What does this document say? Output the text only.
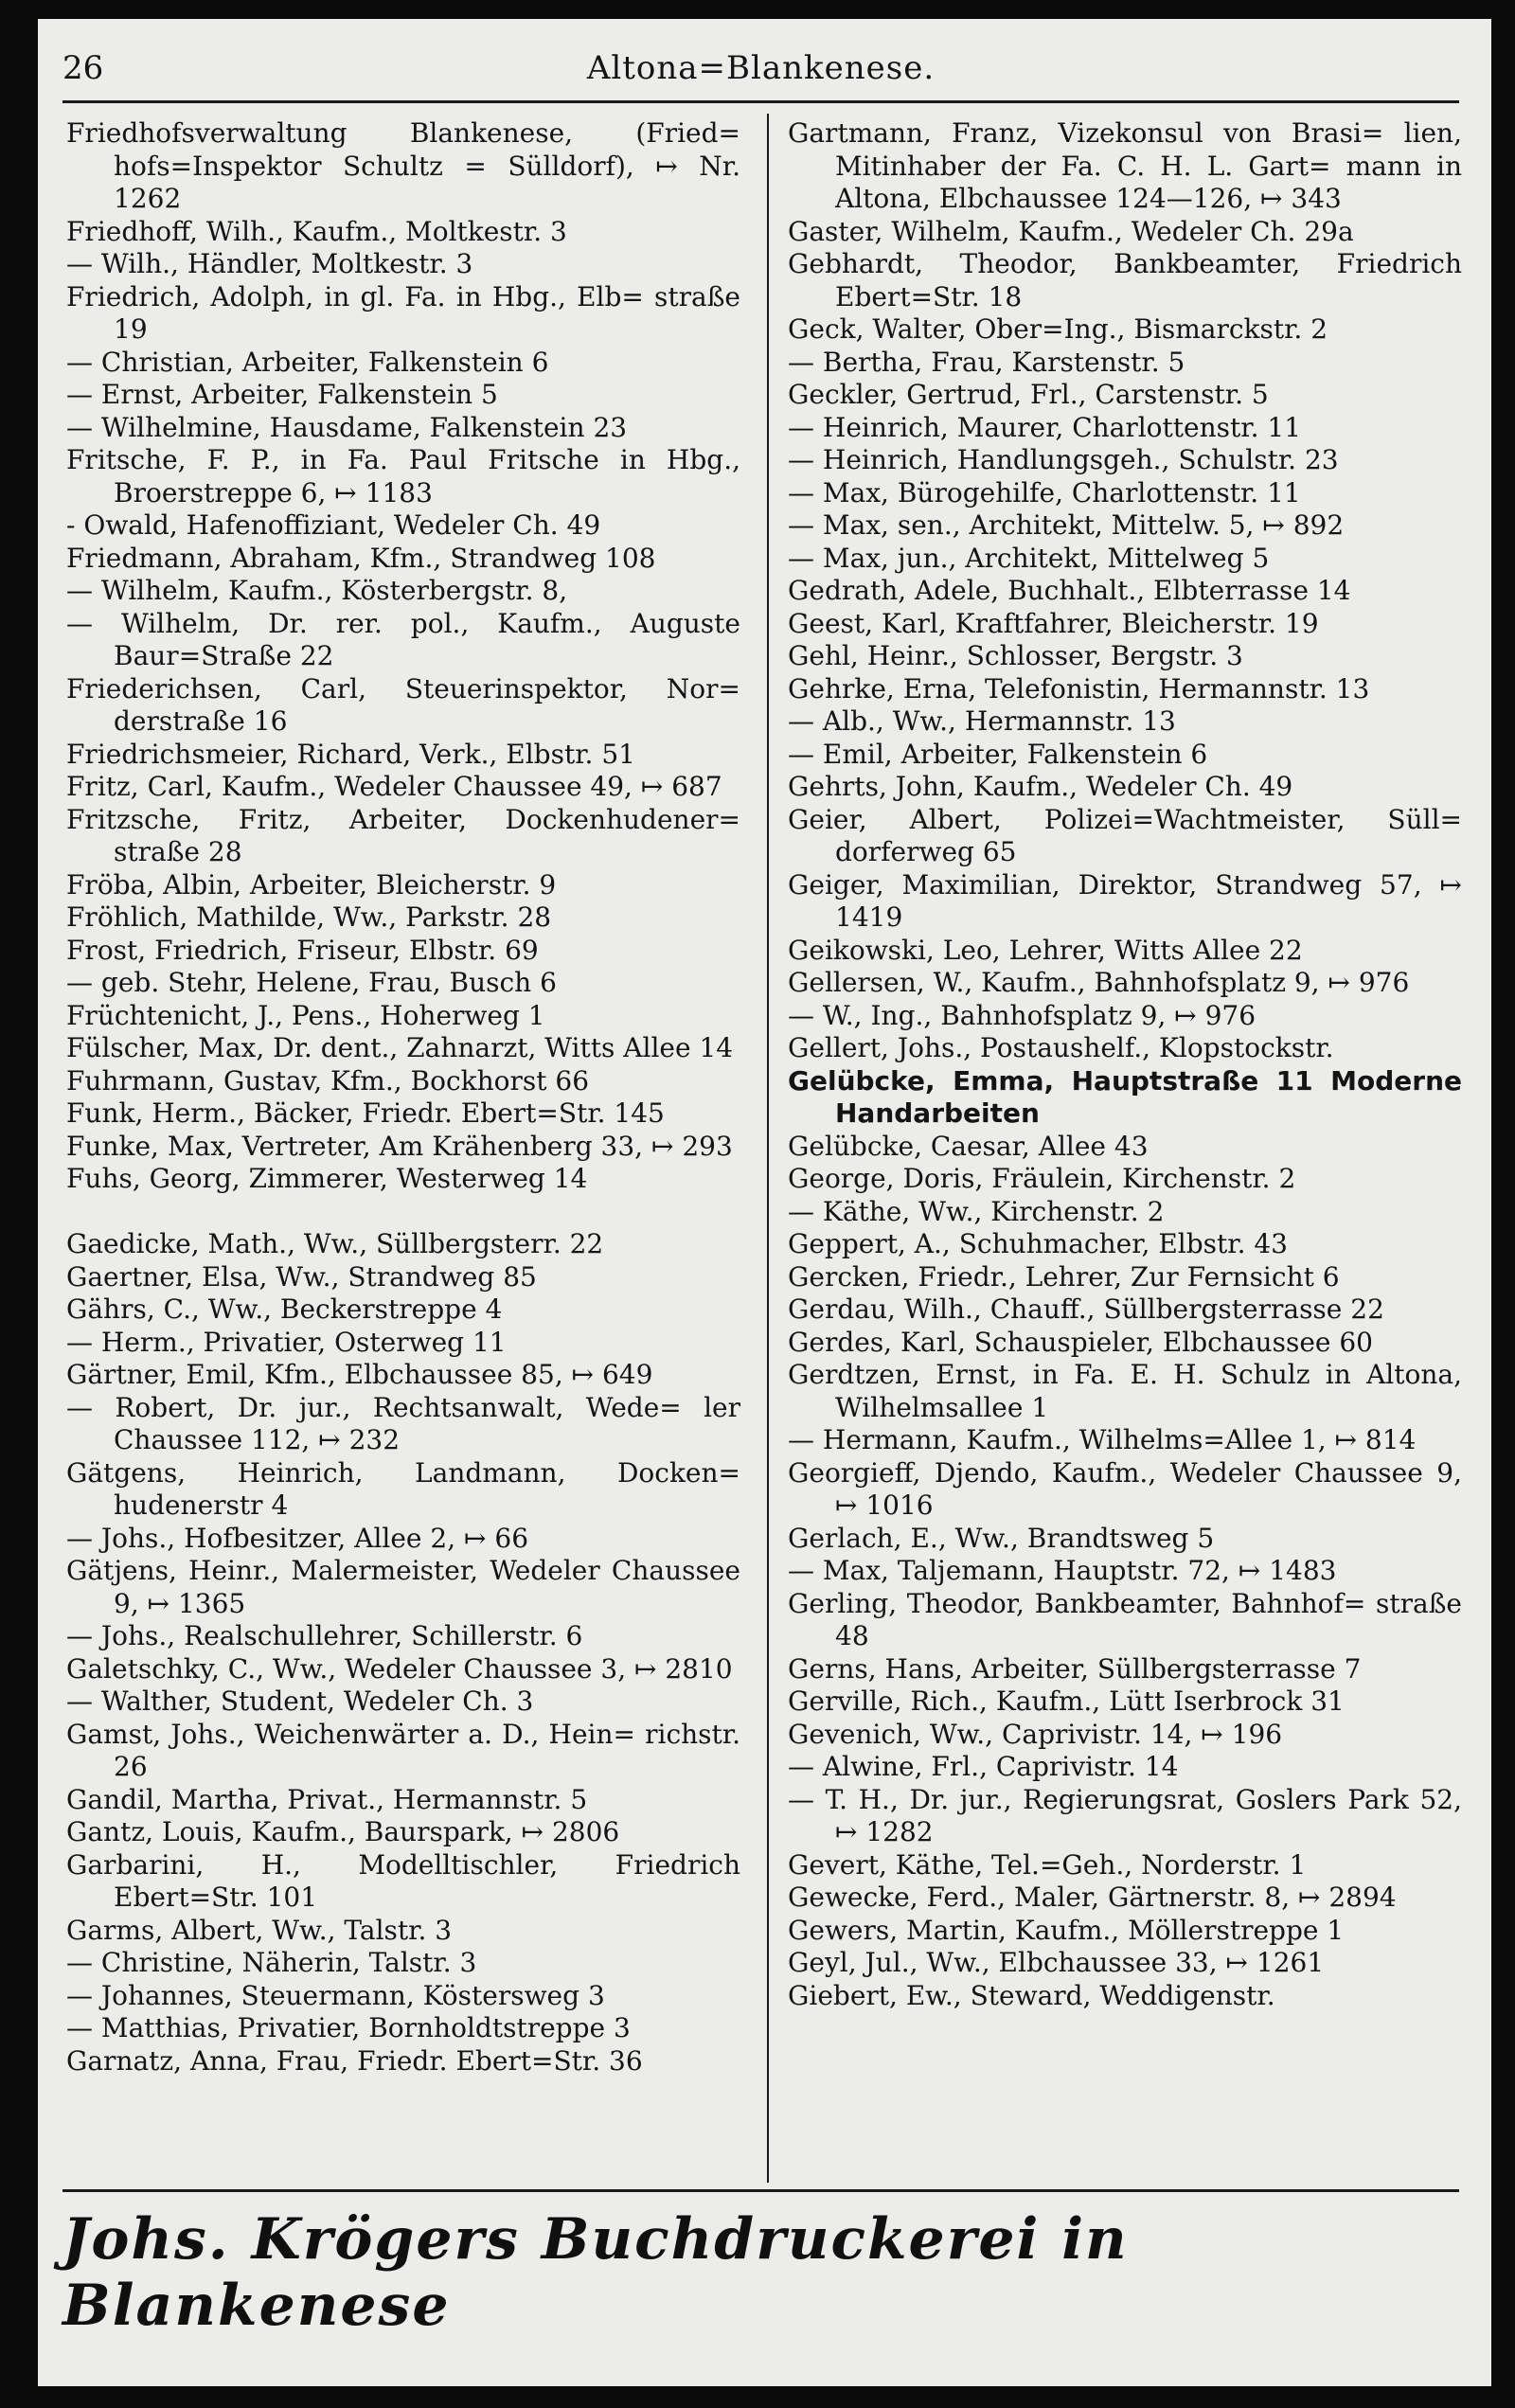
26	Altona=Blankenese.
Friedhofsverwaltung Blankenese, (Fried= hofs=Inspektor Schultz = Sülldorf), ↦ Nr. 1262
Friedhoff, Wilh., Kaufm., Moltkestr. 3
— Wilh., Händler, Moltkestr. 3
Friedrich, Adolph, in gl. Fa. in Hbg., Elb= straße 19
— Christian, Arbeiter, Falkenstein 6
— Ernst, Arbeiter, Falkenstein 5
— Wilhelmine, Hausdame, Falkenstein 23
Fritsche, F. P., in Fa. Paul Fritsche in Hbg., Broerstreppe 6, ↦ 1183
- Owald, Hafenoffiziant, Wedeler Ch. 49
Friedmann, Abraham, Kfm., Strandweg 108
— Wilhelm, Kaufm., Kösterbergstr. 8,
— Wilhelm, Dr. rer. pol., Kaufm., Auguste Baur=Straße 22
Friederichsen, Carl, Steuerinspektor, Nor= derstraße 16
Friedrichsmeier, Richard, Verk., Elbstr. 51
Fritz, Carl, Kaufm., Wedeler Chaussee 49, ↦ 687
Fritzsche, Fritz, Arbeiter, Dockenhudener= straße 28
Fröba, Albin, Arbeiter, Bleicherstr. 9
Fröhlich, Mathilde, Ww., Parkstr. 28
Frost, Friedrich, Friseur, Elbstr. 69
— geb. Stehr, Helene, Frau, Busch 6
Früchtenicht, J., Pens., Hoherweg 1
Fülscher, Max, Dr. dent., Zahnarzt, Witts Allee 14
Fuhrmann, Gustav, Kfm., Bockhorst 66
Funk, Herm., Bäcker, Friedr. Ebert=Str. 145
Funke, Max, Vertreter, Am Krähenberg 33, ↦ 293
Fuhs, Georg, Zimmerer, Westerweg 14
Gaedicke, Math., Ww., Süllbergsterr. 22
Gaertner, Elsa, Ww., Strandweg 85
Gährs, C., Ww., Beckerstreppe 4
— Herm., Privatier, Osterweg 11
Gärtner, Emil, Kfm., Elbchaussee 85, ↦ 649
— Robert, Dr. jur., Rechtsanwalt, Wede= ler Chaussee 112, ↦ 232
Gätgens, Heinrich, Landmann, Docken= hudenerstr 4
— Johs., Hofbesitzer, Allee 2, ↦ 66
Gätjens, Heinr., Malermeister, Wedeler Chaussee 9, ↦ 1365
— Johs., Realschullehrer, Schillerstr. 6
Galetschky, C., Ww., Wedeler Chaussee 3, ↦ 2810
— Walther, Student, Wedeler Ch. 3
Gamst, Johs., Weichenwärter a. D., Hein= richstr. 26
Gandil, Martha, Privat., Hermannstr. 5
Gantz, Louis, Kaufm., Baurspark, ↦ 2806
Garbarini, H., Modelltischler, Friedrich Ebert=Str. 101
Garms, Albert, Ww., Talstr. 3
— Christine, Näherin, Talstr. 3
— Johannes, Steuermann, Köstersweg 3
— Matthias, Privatier, Bornholdtstreppe 3
Garnatz, Anna, Frau, Friedr. Ebert=Str. 36
Gartmann, Franz, Vizekonsul von Brasi= lien, Mitinhaber der Fa. C. H. L. Gart= mann in Altona, Elbchaussee 124—126, ↦ 343
Gaster, Wilhelm, Kaufm., Wedeler Ch. 29a
Gebhardt, Theodor, Bankbeamter, Friedrich Ebert=Str. 18
Geck, Walter, Ober=Ing., Bismarckstr. 2
— Bertha, Frau, Karstenstr. 5
Geckler, Gertrud, Frl., Carstenstr. 5
— Heinrich, Maurer, Charlottenstr. 11
— Heinrich, Handlungsgeh., Schulstr. 23
— Max, Bürogehilfe, Charlottenstr. 11
— Max, sen., Architekt, Mittelw. 5, ↦ 892
— Max, jun., Architekt, Mittelweg 5
Gedrath, Adele, Buchhalt., Elbterrasse 14
Geest, Karl, Kraftfahrer, Bleicherstr. 19
Gehl, Heinr., Schlosser, Bergstr. 3
Gehrke, Erna, Telefonistin, Hermannstr. 13
— Alb., Ww., Hermannstr. 13
— Emil, Arbeiter, Falkenstein 6
Gehrts, John, Kaufm., Wedeler Ch. 49
Geier, Albert, Polizei=Wachtmeister, Süll= dorferweg 65
Geiger, Maximilian, Direktor, Strandweg 57, ↦ 1419
Geikowski, Leo, Lehrer, Witts Allee 22
Gellersen, W., Kaufm., Bahnhofsplatz 9, ↦ 976
— W., Ing., Bahnhofsplatz 9, ↦ 976
Gellert, Johs., Postaushelf., Klopstockstr.
Gelübcke, Emma, Hauptstraße 11 Moderne Handarbeiten
Gelübcke, Caesar, Allee 43
George, Doris, Fräulein, Kirchenstr. 2
— Käthe, Ww., Kirchenstr. 2
Geppert, A., Schuhmacher, Elbstr. 43
Gercken, Friedr., Lehrer, Zur Fernsicht 6
Gerdau, Wilh., Chauff., Süllbergsterrasse 22
Gerdes, Karl, Schauspieler, Elbchaussee 60
Gerdtzen, Ernst, in Fa. E. H. Schulz in Altona, Wilhelmsallee 1
— Hermann, Kaufm., Wilhelms=Allee 1, ↦ 814
Georgieff, Djendo, Kaufm., Wedeler Chaussee 9, ↦ 1016
Gerlach, E., Ww., Brandtsweg 5
— Max, Taljemann, Hauptstr. 72, ↦ 1483
Gerling, Theodor, Bankbeamter, Bahnhof= straße 48
Gerns, Hans, Arbeiter, Süllbergsterrasse 7
Gerville, Rich., Kaufm., Lütt Iserbrock 31
Gevenich, Ww., Caprivistr. 14, ↦ 196
— Alwine, Frl., Caprivistr. 14
— T. H., Dr. jur., Regierungsrat, Goslers Park 52, ↦ 1282
Gevert, Käthe, Tel.=Geh., Norderstr. 1
Gewecke, Ferd., Maler, Gärtnerstr. 8, ↦ 2894
Gewers, Martin, Kaufm., Möllerstreppe 1
Geyl, Jul., Ww., Elbchaussee 33, ↦ 1261
Giebert, Ew., Steward, Weddigenstr.
Johs. Krögers Buchdruckerei in Blankenese
